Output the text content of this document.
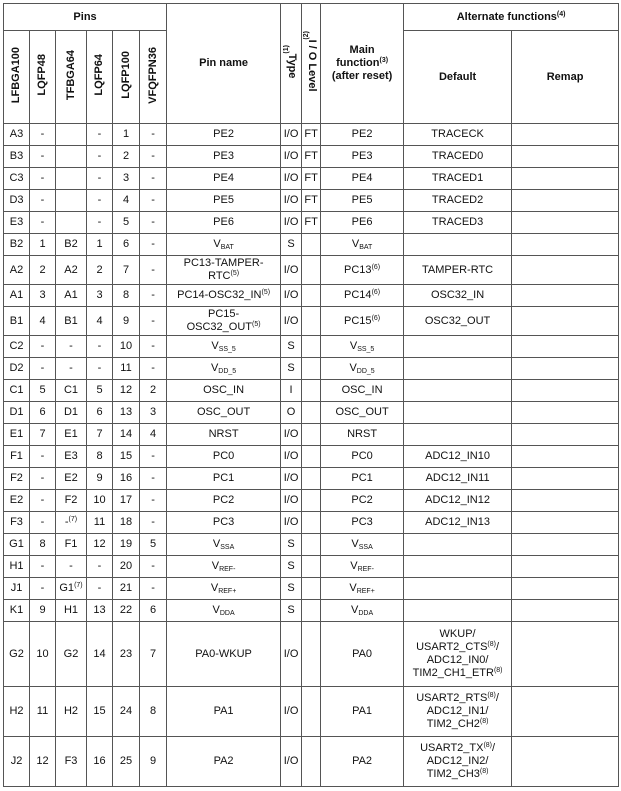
Pins						Pin name	Type$^{(1)}$	I / O Level$^{(2)}$	Main
function$^{(3)}$
(after reset)	Alternate functions$^{(4)}$
LFBGA100	LQFP48	TFBGA64	LQFP64	LQFP100	VFQFPN36					Default	Remap
A3	-		-	1	-	PE2	I/O	FT	PE2	TRACECK	
B3	-		-	2	-	PE3	I/O	FT	PE3	TRACED0	
C3	-		-	3	-	PE4	I/O	FT	PE4	TRACED1	
D3	-		-	4	-	PE5	I/O	FT	PE5	TRACED2	
E3	-		-	5	-	PE6	I/O	FT	PE6	TRACED3	
B2	1	B2	1	6	-	$V_{BAT}$	S		$V_{BAT}$		
A2	2	A2	2	7	-	PC13-TAMPER-
RTC$^{(5)}$	I/O		PC13$^{(6)}$	TAMPER-RTC	
A1	3	A1	3	8	-	PC14-OSC32_IN$^{(5)}$	I/O		PC14$^{(6)}$	OSC32_IN	
B1	4	B1	4	9	-	PC15-
OSC32_OUT$^{(5)}$	I/O		PC15$^{(6)}$	OSC32_OUT	
C2	-	-	-	10	-	$V_{SS\_5}$	S		$V_{SS\_5}$		
D2	-	-	-	11	-	$V_{DD\_5}$	S		$V_{DD\_5}$		
C1	5	C1	5	12	2	OSC_IN	I		OSC_IN		
D1	6	D1	6	13	3	OSC_OUT	O		OSC_OUT		
E1	7	E1	7	14	4	NRST	I/O		NRST		
F1	-	E3	8	15	-	PC0	I/O		PC0	ADC12_IN10	
F2	-	E2	9	16	-	PC1	I/O		PC1	ADC12_IN11	
E2	-	F2	10	17	-	PC2	I/O		PC2	ADC12_IN12	
F3	-	-$^{(7)}$	11	18	-	PC3	I/O		PC3	ADC12_IN13	
G1	8	F1	12	19	5	$V_{SSA}$	S		$V_{SSA}$		
H1	-	-	-	20	-	$V_{REF-}$	S		$V_{REF-}$		
J1	-	G1$^{(7)}$	-	21	-	$V_{REF+}$	S		$V_{REF+}$		
K1	9	H1	13	22	6	$V_{DDA}$	S		$V_{DDA}$		
G2	10	G2	14	23	7	PA0-WKUP	I/O		PA0	WKUP/
USART2_CTS$^{(8)}$/
ADC12_IN0/
TIM2_CH1_ETR$^{(8)}$	
H2	11	H2	15	24	8	PA1	I/O		PA1	USART2_RTS$^{(8)}$/
ADC12_IN1/
TIM2_CH2$^{(8)}$	
J2	12	F3	16	25	9	PA2	I/O		PA2	USART2_TX$^{(8)}$/
ADC12_IN2/
TIM2_CH3$^{(8)}$	
